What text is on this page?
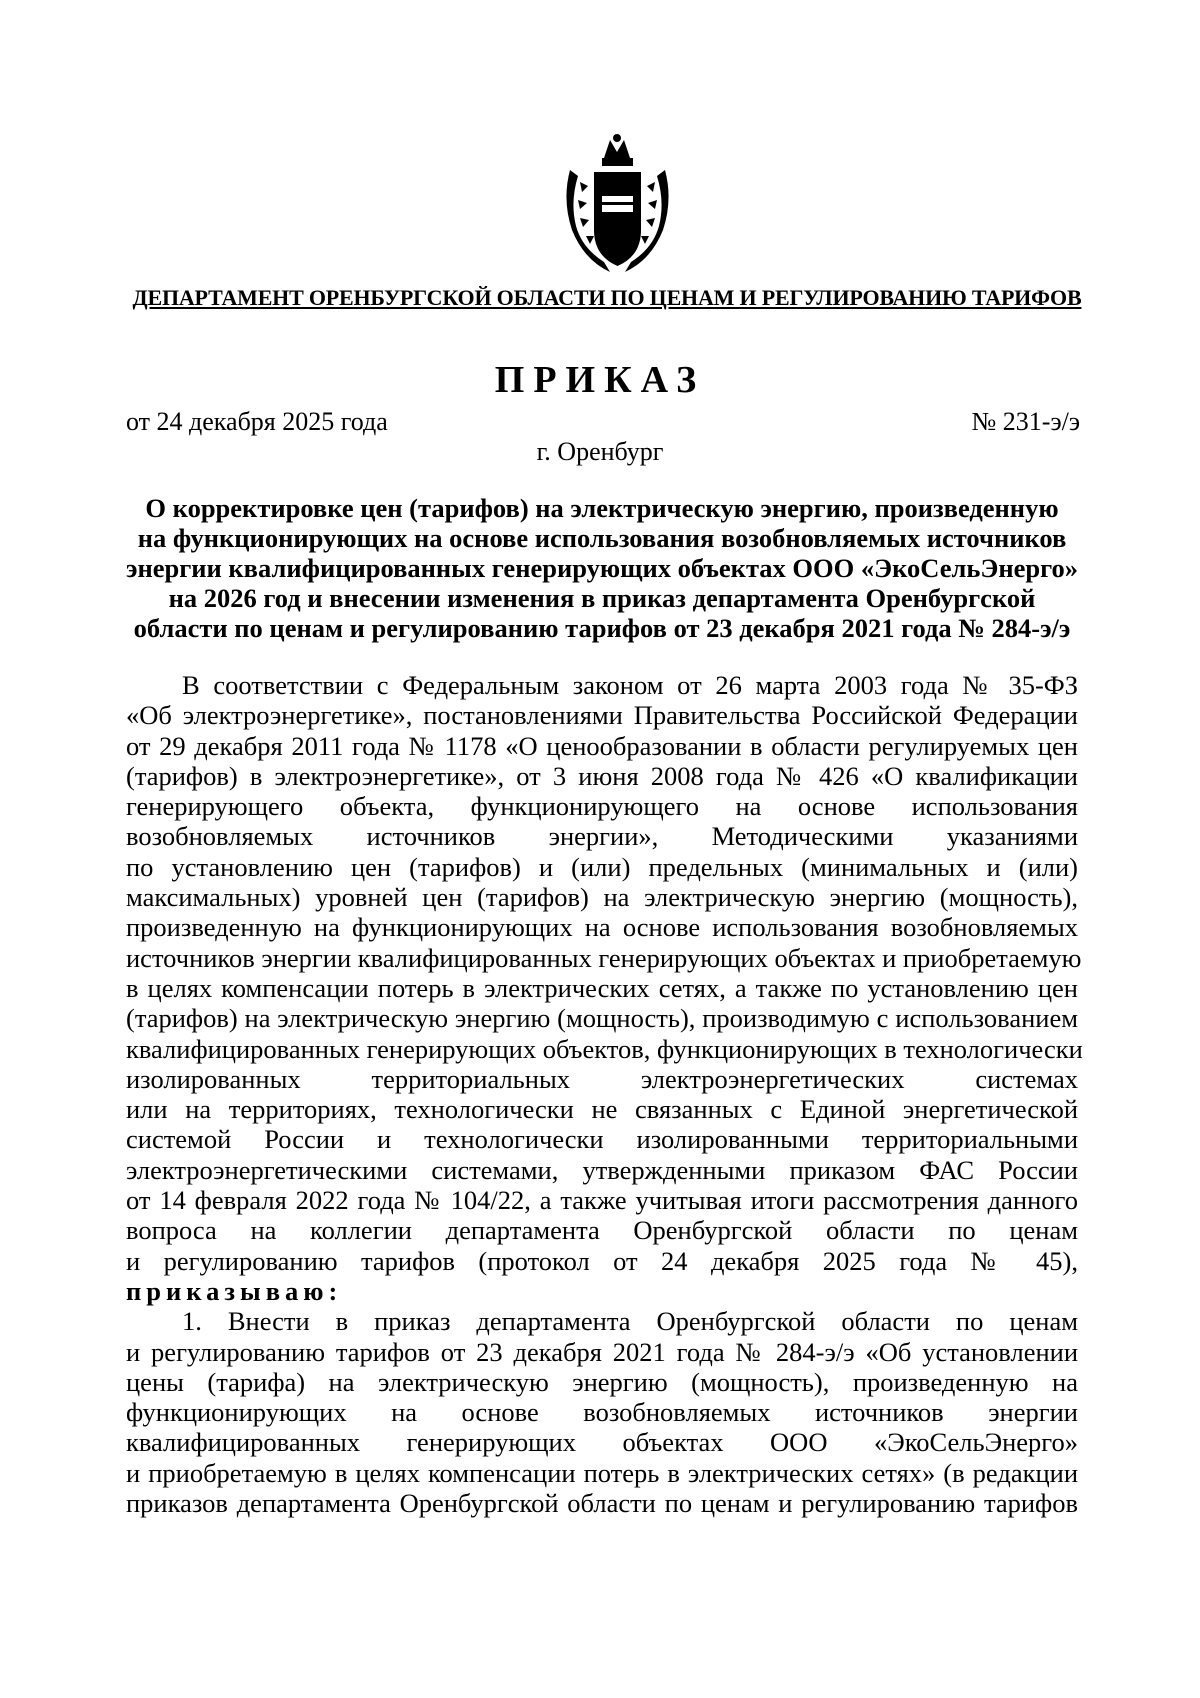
ДЕПАРТАМЕНТ ОРЕНБУРГСКОЙ ОБЛАСТИ ПО ЦЕНАМ И РЕГУЛИРОВАНИЮ ТАРИФОВ
ПРИКАЗ
от 24 декабря 2025 года	№ 231-э/э
г. Оренбург
О корректировке цен (тарифов) на электрическую энергию, произведенную
на функционирующих на основе использования возобновляемых источников
энергии квалифицированных генерирующих объектах ООО «ЭкоСельЭнерго»
на 2026 год и внесении изменения в приказ департамента Оренбургской
области по ценам и регулированию тарифов от 23 декабря 2021 года № 284-э/э
В соответствии с Федеральным законом от 26 марта 2003 года № 35-ФЗ
«Об электроэнергетике», постановлениями Правительства Российской Федерации
от 29 декабря 2011 года № 1178 «О ценообразовании в области регулируемых цен
(тарифов) в электроэнергетике», от 3 июня 2008 года № 426 «О квалификации
генерирующего объекта, функционирующего на основе использования
возобновляемых источников энергии», Методическими указаниями
по установлению цен (тарифов) и (или) предельных (минимальных и (или)
максимальных) уровней цен (тарифов) на электрическую энергию (мощность),
произведенную на функционирующих на основе использования возобновляемых
источников энергии квалифицированных генерирующих объектах и приобретаемую
в целях компенсации потерь в электрических сетях, а также по установлению цен
(тарифов) на электрическую энергию (мощность), производимую с использованием
квалифицированных генерирующих объектов, функционирующих в технологически
изолированных территориальных электроэнергетических системах
или на территориях, технологически не связанных с Единой энергетической
системой России и технологически изолированными территориальными
электроэнергетическими системами, утвержденными приказом ФАС России
от 14 февраля 2022 года № 104/22, а также учитывая итоги рассмотрения данного
вопроса на коллегии департамента Оренбургской области по ценам
и регулированию тарифов (протокол от 24 декабря 2025 года № 45),
приказываю:
1. Внести в приказ департамента Оренбургской области по ценам
и регулированию тарифов от 23 декабря 2021 года № 284-э/э «Об установлении
цены (тарифа) на электрическую энергию (мощность), произведенную на
функционирующих на основе возобновляемых источников энергии
квалифицированных генерирующих объектах ООО «ЭкоСельЭнерго»
и приобретаемую в целях компенсации потерь в электрических сетях» (в редакции
приказов департамента Оренбургской области по ценам и регулированию тарифов
